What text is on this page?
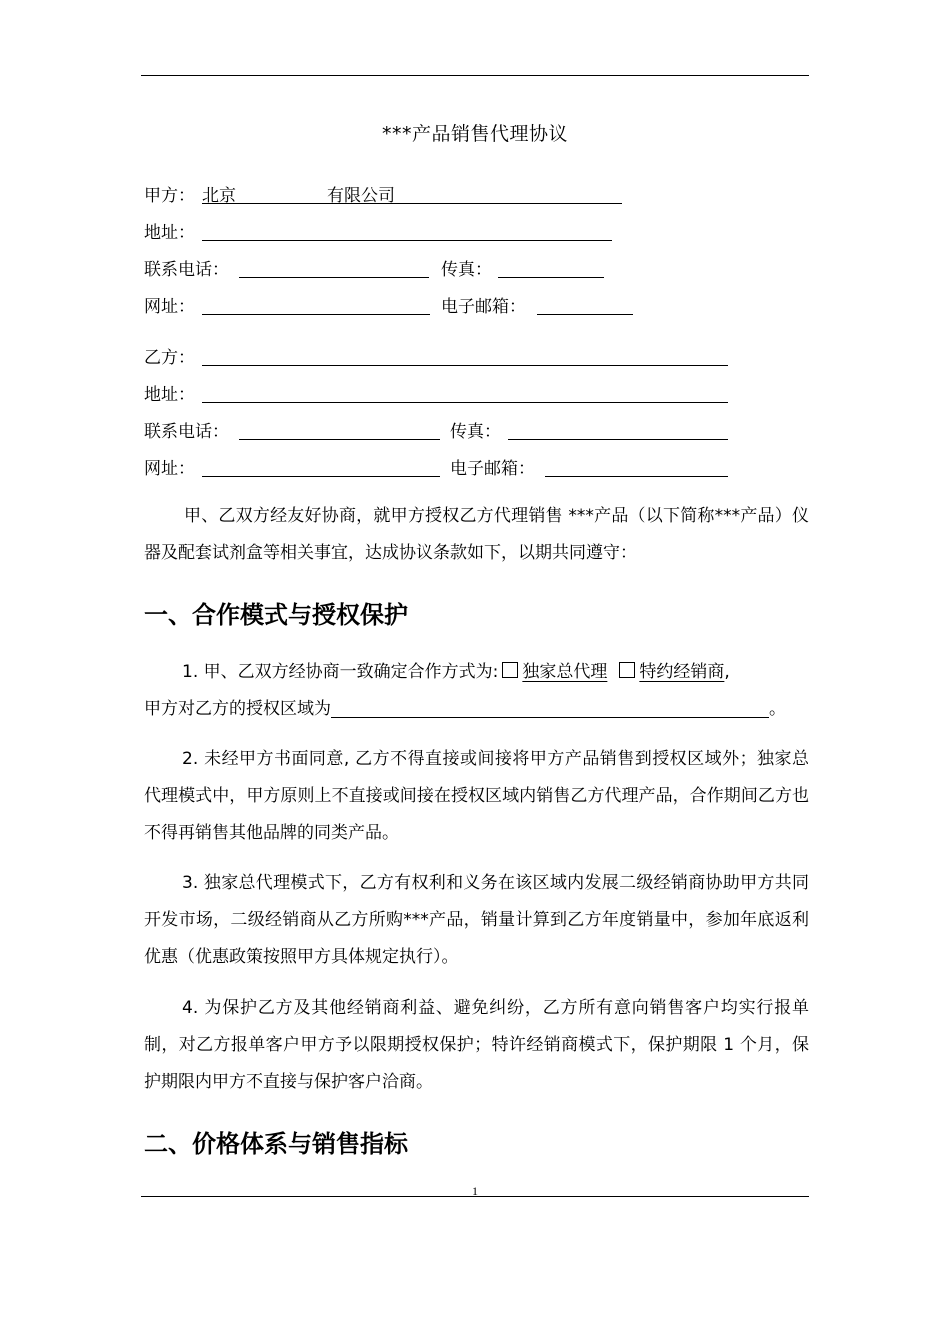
***产品销售代理协议
甲方： 北京	有限公司
地址：
联系电话：	传真：
网址：	电子邮箱：
乙方：
地址：
联系电话：	传真：
网址：	电子邮箱：
甲、乙双方经友好协商，就甲方授权乙方代理销售 ***产品（以下简称***产品）仪器及配套试剂盒等相关事宜，达成协议条款如下，以期共同遵守：
一、合作模式与授权保护
1. 甲、乙双方经协商一致确定合作方式为: 独家总代理 特约经销商,
甲方对乙方的授权区域为	。
2. 未经甲方书面同意, 乙方不得直接或间接将甲方产品销售到授权区域外；独家总代理模式中，甲方原则上不直接或间接在授权区域内销售乙方代理产品，合作期间乙方也不得再销售其他品牌的同类产品。
3. 独家总代理模式下，乙方有权利和义务在该区域内发展二级经销商协助甲方共同开发市场，二级经销商从乙方所购***产品，销量计算到乙方年度销量中，参加年底返利优惠（优惠政策按照甲方具体规定执行）。
4. 为保护乙方及其他经销商利益、避免纠纷，乙方所有意向销售客户均实行报单制，对乙方报单客户甲方予以限期授权保护；特许经销商模式下，保护期限 1 个月，保护期限内甲方不直接与保护客户洽商。
二、价格体系与销售指标
1
